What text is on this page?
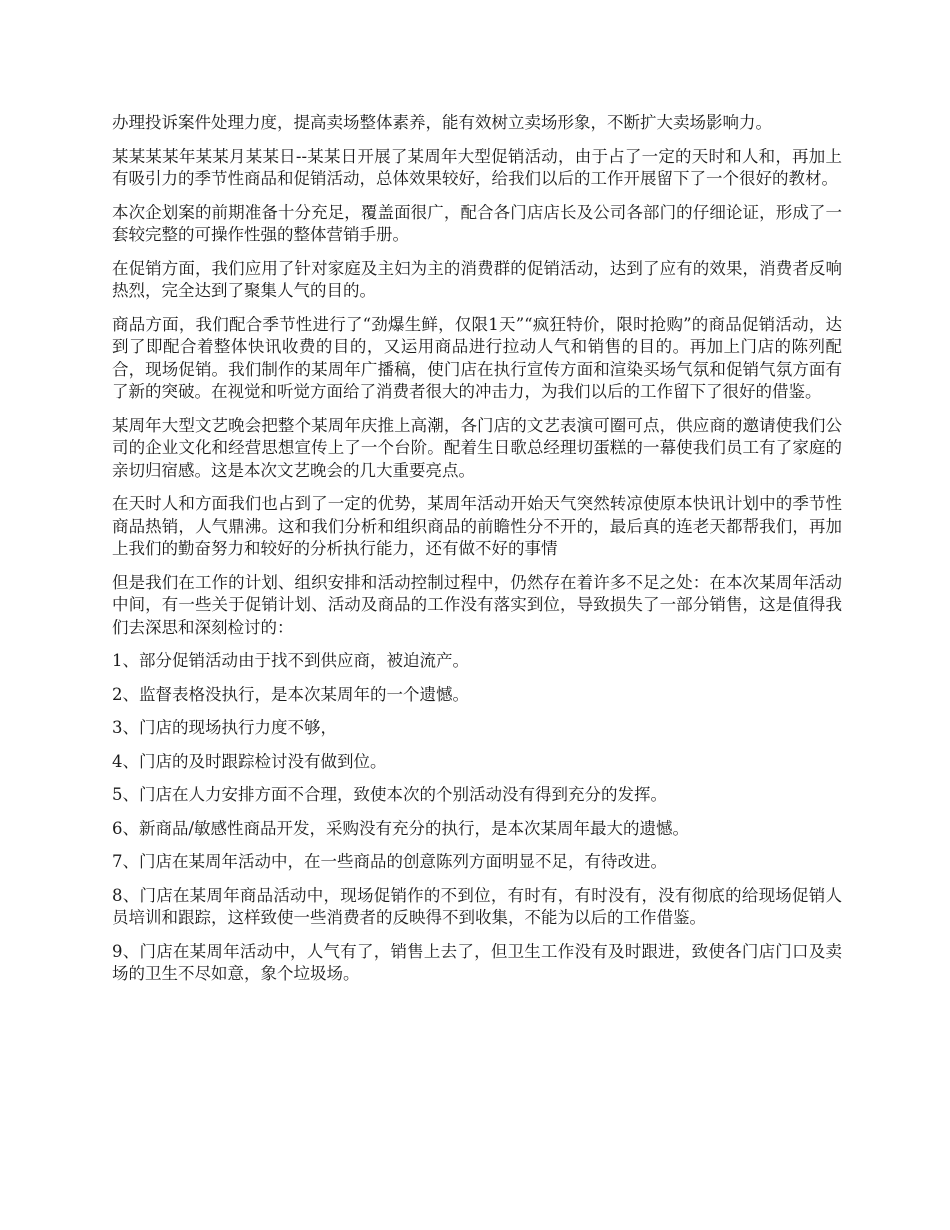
办理投诉案件处理力度，提高卖场整体素养，能有效树立卖场形象，不断扩大卖场影响力。

某某某某年某某月某某日--某某日开展了某周年大型促销活动，由于占了一定的天时和人和，再加上有吸引力的季节性商品和促销活动，总体效果较好，给我们以后的工作开展留下了一个很好的教材。

本次企划案的前期准备十分充足，覆盖面很广，配合各门店店长及公司各部门的仔细论证，形成了一套较完整的可操作性强的整体营销手册。

在促销方面，我们应用了针对家庭及主妇为主的消费群的促销活动，达到了应有的效果，消费者反响热烈，完全达到了聚集人气的目的。

商品方面，我们配合季节性进行了“劲爆生鲜，仅限1天”“疯狂特价，限时抢购”的商品促销活动，达到了即配合着整体快讯收费的目的，又运用商品进行拉动人气和销售的目的。再加上门店的陈列配合，现场促销。我们制作的某周年广播稿，使门店在执行宣传方面和渲染买场气氛和促销气氛方面有了新的突破。在视觉和听觉方面给了消费者很大的冲击力，为我们以后的工作留下了很好的借鉴。

某周年大型文艺晚会把整个某周年庆推上高潮，各门店的文艺表演可圈可点，供应商的邀请使我们公司的企业文化和经营思想宣传上了一个台阶。配着生日歌总经理切蛋糕的一幕使我们员工有了家庭的亲切归宿感。这是本次文艺晚会的几大重要亮点。

在天时人和方面我们也占到了一定的优势，某周年活动开始天气突然转凉使原本快讯计划中的季节性商品热销，人气鼎沸。这和我们分析和组织商品的前瞻性分不开的，最后真的连老天都帮我们，再加上我们的勤奋努力和较好的分析执行能力，还有做不好的事情

但是我们在工作的计划、组织安排和活动控制过程中，仍然存在着许多不足之处：在本次某周年活动中间，有一些关于促销计划、活动及商品的工作没有落实到位，导致损失了一部分销售，这是值得我们去深思和深刻检讨的：

1、部分促销活动由于找不到供应商，被迫流产。

2、监督表格没执行，是本次某周年的一个遗憾。

3、门店的现场执行力度不够，

4、门店的及时跟踪检讨没有做到位。

5、门店在人力安排方面不合理，致使本次的个别活动没有得到充分的发挥。

6、新商品/敏感性商品开发，采购没有充分的执行，是本次某周年最大的遗憾。

7、门店在某周年活动中，在一些商品的创意陈列方面明显不足，有待改进。

8、门店在某周年商品活动中，现场促销作的不到位，有时有，有时没有，没有彻底的给现场促销人员培训和跟踪，这样致使一些消费者的反映得不到收集，不能为以后的工作借鉴。

9、门店在某周年活动中，人气有了，销售上去了，但卫生工作没有及时跟进，致使各门店门口及卖场的卫生不尽如意，象个垃圾场。
